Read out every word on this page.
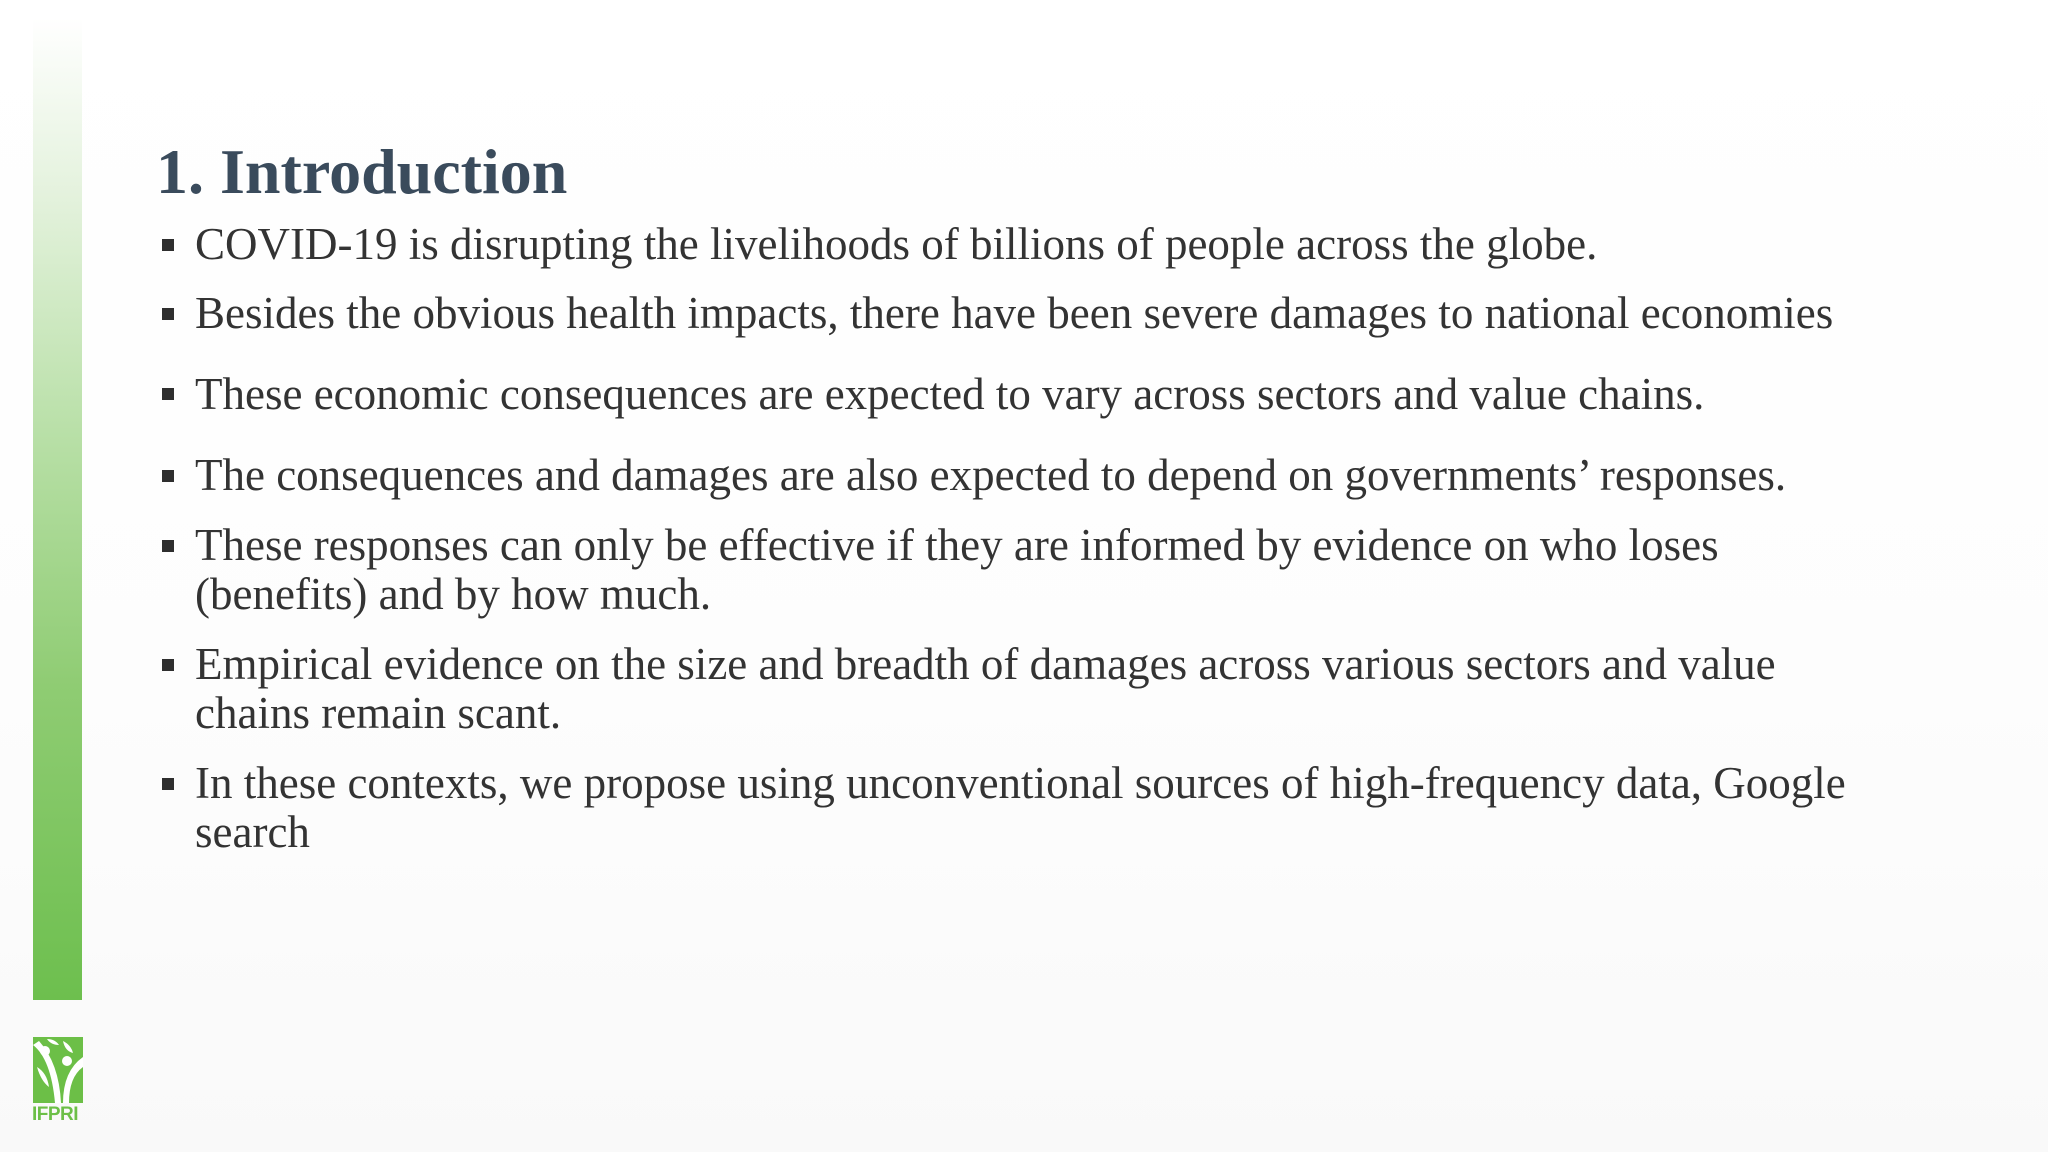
IFPRI
1. Introduction
COVID-19 is disrupting the livelihoods of billions of people across the globe.
Besides the obvious health impacts, there have been severe damages to national economies
These economic consequences are expected to vary across sectors and value chains.
The consequences and damages are also expected to depend on governments’ responses.
These responses can only be effective if they are informed by evidence on who loses (benefits) and by how much.
Empirical evidence on the size and breadth of damages across various sectors and value chains remain scant.
In these contexts, we propose using unconventional sources of high-frequency data, Google search
